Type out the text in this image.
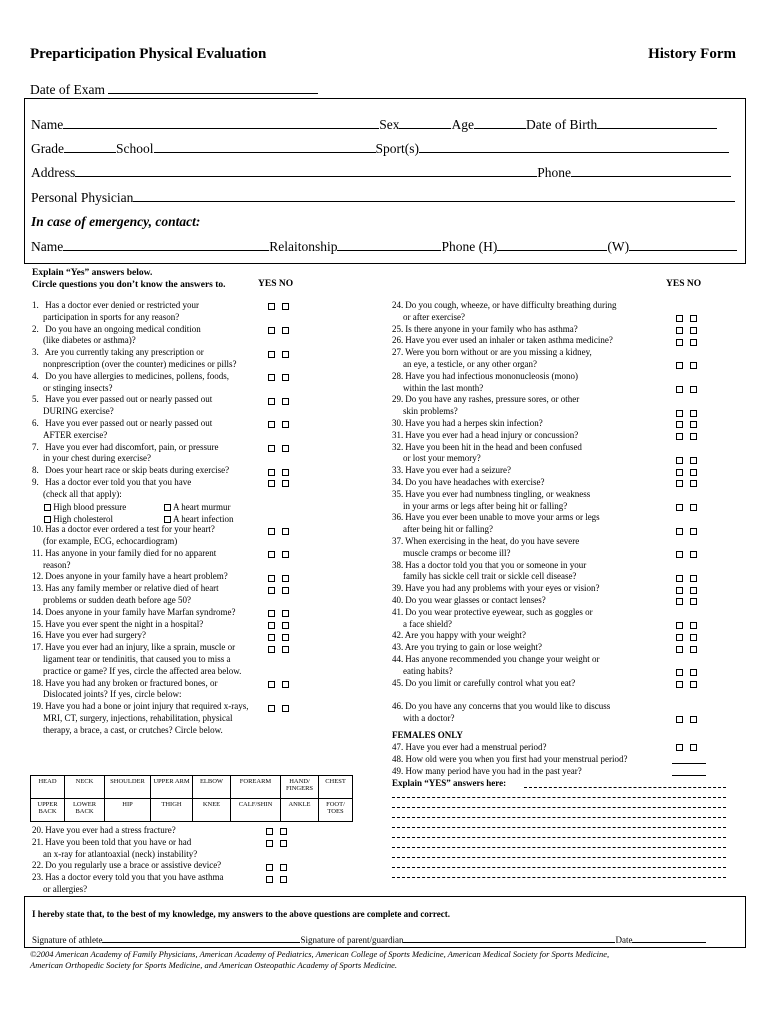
Preparticipation Physical Evaluation	History Form
Date of Exam
Name	Sex	Age	Date of Birth
Grade	School	Sport(s)
Address	Phone
Personal Physician
In case of emergency, contact:
Name	Relaitonship	Phone (H)	(W)
Explain “Yes” answers below.
Circle questions you don’t know the answers to.	YES NO	YES NO
1. Has a doctor ever denied or restricted your
participation in sports for any reason?
2. Do you have an ongoing medical condition
(like diabetes or asthma)?
3. Are you currently taking any prescription or
nonprescription (over the counter) medicines or pills?
4. Do you have allergies to medicines, pollens, foods,
or stinging insects?
5. Have you ever passed out or nearly passed out
DURING exercise?
6. Have you ever passed out or nearly passed out
AFTER exercise?
7. Have you ever had discomfort, pain, or pressure
in your chest during exercise?
8. Does your heart race or skip beats during exercise?
9. Has a doctor ever told you that you have
(check all that apply):
10. Has a doctor ever ordered a test for your heart?
(for example, ECG, echocardiogram)
11. Has anyone in your family died for no apparent
reason?
12. Does anyone in your family have a heart problem?
13. Has any family member or relative died of heart
problems or sudden death before age 50?
14. Does anyone in your family have Marfan syndrome?
15. Have you ever spent the night in a hospital?
16. Have you ever had surgery?
17. Have you ever had an injury, like a sprain, muscle or
ligament tear or tendinitis, that caused you to miss a
practice or game? If yes, circle the affected area below.
18. Have you had any broken or fractured bones, or
Dislocated joints? If yes, circle below:
19. Have you had a bone or joint injury that required x-rays,
MRI, CT, surgery, injections, rehabilitation, physical
therapy, a brace, a cast, or crutches? Circle below.
High blood pressure	A heart murmur
High cholesterol	A heart infection
20. Have you ever had a stress fracture?
21. Have you been told that you have or had
an x-ray for atlantoaxial (neck) instability?
22. Do you regularly use a brace or assistive device?
23. Has a doctor every told you that you have asthma
or allergies?
24. Do you cough, wheeze, or have difficulty breathing during
or after exercise?
25. Is there anyone in your family who has asthma?
26. Have you ever used an inhaler or taken asthma medicine?
27. Were you born without or are you missing a kidney,
an eye, a testicle, or any other organ?
28. Have you had infectious mononucleosis (mono)
within the last month?
29. Do you have any rashes, pressure sores, or other
skin problems?
30. Have you had a herpes skin infection?
31. Have you ever had a head injury or concussion?
32. Have you been hit in the head and been confused
or lost your memory?
33. Have you ever had a seizure?
34. Do you have headaches with exercise?
35. Have you ever had numbness tingling, or weakness
in your arms or legs after being hit or falling?
36. Have you ever been unable to move your arms or legs
after being hit or falling?
37. When exercising in the heat, do you have severe
muscle cramps or become ill?
38. Has a doctor told you that you or someone in your
family has sickle cell trait or sickle cell disease?
39. Have you had any problems with your eyes or vision?
40. Do you wear glasses or contact lenses?
41. Do you wear protective eyewear, such as goggles or
a face shield?
42. Are you happy with your weight?
43. Are you trying to gain or lose weight?
44. Has anyone recommended you change your weight or
eating habits?
45. Do you limit or carefully control what you eat?
46. Do you have any concerns that you would like to discuss
with a doctor?
HEAD	NECK	SHOULDER	UPPER ARM	ELBOW	FOREARM	HAND/ FINGERS	CHEST
UPPER BACK	LOWER BACK	HIP	THIGH	KNEE	CALF/SHIN	ANKLE	FOOT/ TOES
FEMALES ONLY
47. Have you ever had a menstrual period?
48. How old were you when you first had your menstrual period?
49. How many period have you had in the past year?
Explain “YES” answers here:
I hereby state that, to the best of my knowledge, my answers to the above questions are complete and correct.
Signature of athlete	Signature of parent/guardian	Date
©2004 American Academy of Family Physicians, American Academy of Pediatrics, American College of Sports Medicine, American Medical Society for Sports Medicine,
American Orthopedic Society for Sports Medicine, and American Osteopathic Academy of Sports Medicine.
